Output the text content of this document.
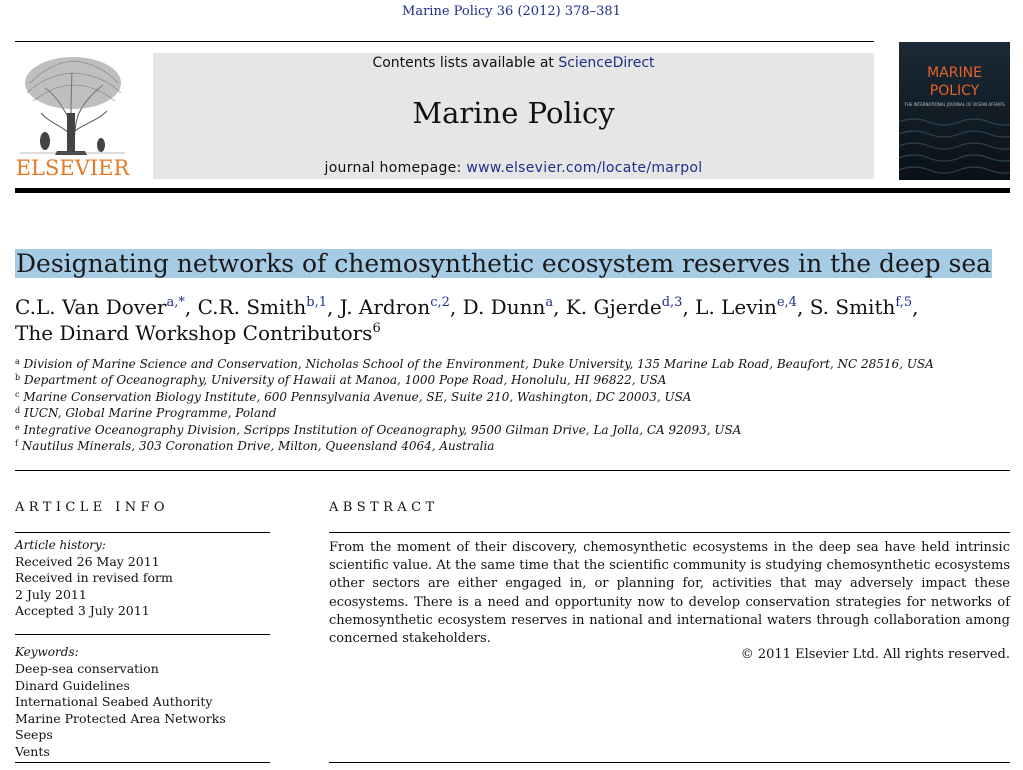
Marine Policy 36 (2012) 378–381
ELSEVIER
Contents lists available at ScienceDirect
Marine Policy
journal homepage: www.elsevier.com/locate/marpol
MARINE
POLICY
THE INTERNATIONAL JOURNAL OF OCEAN AFFAIRS
Designating networks of chemosynthetic ecosystem reserves in the deep sea
C.L. Van Dover$^{a,*}$, C.R. Smith$^{b,1}$, J. Ardron$^{c,2}$, D. Dunn$^a$, K. Gjerde$^{d,3}$, L. Levin$^{e,4}$, S. Smith$^{f,5}$,
The Dinard Workshop Contributors$^6$
$^a$ Division of Marine Science and Conservation, Nicholas School of the Environment, Duke University, 135 Marine Lab Road, Beaufort, NC 28516, USA
$^b$ Department of Oceanography, University of Hawaii at Manoa, 1000 Pope Road, Honolulu, HI 96822, USA
$^c$ Marine Conservation Biology Institute, 600 Pennsylvania Avenue, SE, Suite 210, Washington, DC 20003, USA
$^d$ IUCN, Global Marine Programme, Poland
$^e$ Integrative Oceanography Division, Scripps Institution of Oceanography, 9500 Gilman Drive, La Jolla, CA 92093, USA
$^f$ Nautilus Minerals, 303 Coronation Drive, Milton, Queensland 4064, Australia
ARTICLE INFO
Article history:
Received 26 May 2011
Received in revised form
2 July 2011
Accepted 3 July 2011
Keywords:
Deep-sea conservation
Dinard Guidelines
International Seabed Authority
Marine Protected Area Networks
Seeps
Vents
ABSTRACT
From the moment of their discovery, chemosynthetic ecosystems in the deep sea have held intrinsic scientific value. At the same time that the scientific community is studying chemosynthetic ecosystems other sectors are either engaged in, or planning for, activities that may adversely impact these ecosystems. There is a need and opportunity now to develop conservation strategies for networks of chemosynthetic ecosystem reserves in national and international waters through collaboration among concerned stakeholders.
© 2011 Elsevier Ltd. All rights reserved.
